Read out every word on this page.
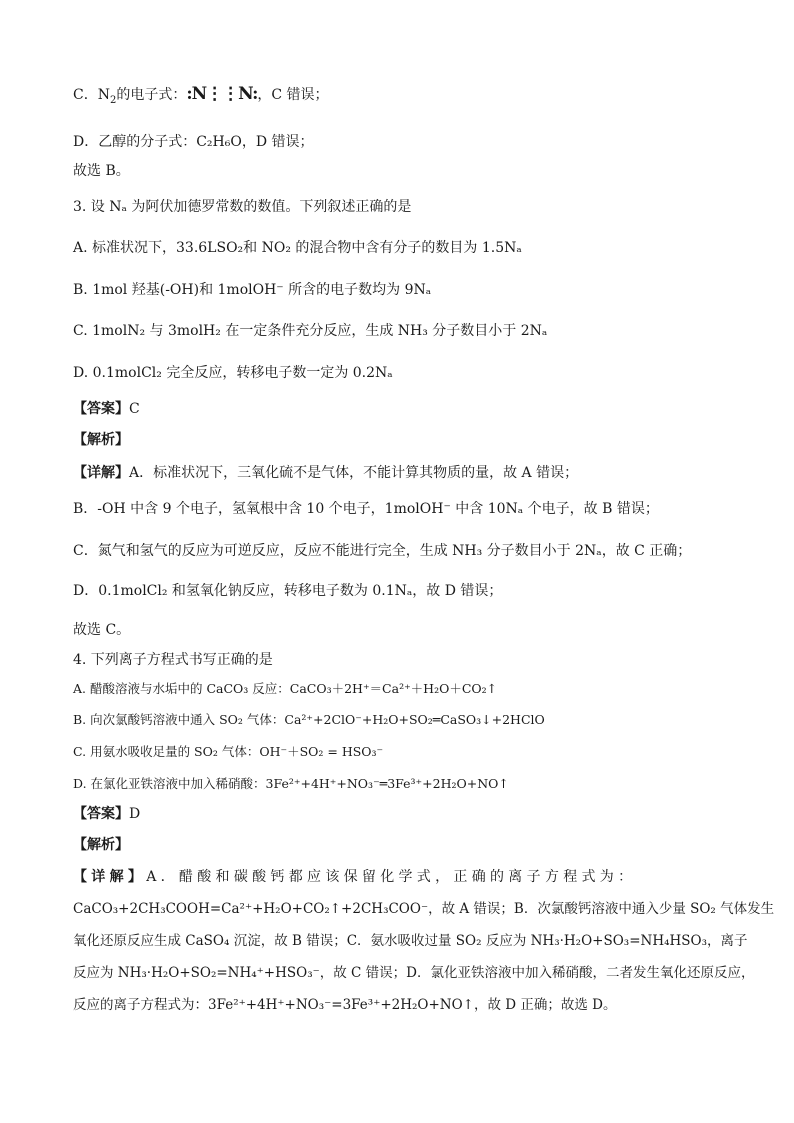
C．$N_2$的电子式：:N⋮⋮N:，C 错误；
D．乙醇的分子式：C₂H₆O，D 错误；
故选 B。
3. 设 Nₐ 为阿伏加德罗常数的数值。下列叙述正确的是
A. 标准状况下，33.6LSO₂和 NO₂ 的混合物中含有分子的数目为 1.5Nₐ
B. 1mol 羟基(-OH)和 1molOH⁻ 所含的电子数均为 9Nₐ
C. 1molN₂ 与 3molH₂ 在一定条件充分反应，生成 NH₃ 分子数目小于 2Nₐ
D. 0.1molCl₂ 完全反应，转移电子数一定为 0.2Nₐ
【答案】C
【解析】
【详解】A．标准状况下，三氧化硫不是气体，不能计算其物质的量，故 A 错误；
B．-OH 中含 9 个电子，氢氧根中含 10 个电子，1molOH⁻ 中含 10Nₐ 个电子，故 B 错误；
C．氮气和氢气的反应为可逆反应，反应不能进行完全，生成 NH₃ 分子数目小于 2Nₐ，故 C 正确；
D．0.1molCl₂ 和氢氧化钠反应，转移电子数为 0.1Nₐ，故 D 错误；
故选 C。
4. 下列离子方程式书写正确的是
A. 醋酸溶液与水垢中的 CaCO₃ 反应：CaCO₃＋2H⁺＝Ca²⁺＋H₂O＋CO₂↑
B. 向次氯酸钙溶液中通入 SO₂ 气体：Ca²⁺+2ClO⁻+H₂O+SO₂═CaSO₃↓+2HClO
C. 用氨水吸收足量的 SO₂ 气体：OH⁻＋SO₂ = HSO₃⁻
D. 在氯化亚铁溶液中加入稀硝酸：3Fe²⁺+4H⁺+NO₃⁻═3Fe³⁺+2H₂O+NO↑
【答案】D
【解析】
【详解】A．醋酸和碳酸钙都应该保留化学式，正确的离子方程式为：
CaCO₃+2CH₃COOH=Ca²⁺+H₂O+CO₂↑+2CH₃COO⁻，故 A 错误；B．次氯酸钙溶液中通入少量 SO₂ 气体发生
氧化还原反应生成 CaSO₄ 沉淀，故 B 错误；C．氨水吸收过量 SO₂ 反应为 NH₃·H₂O+SO₃=NH₄HSO₃，离子
反应为 NH₃·H₂O+SO₂=NH₄⁺+HSO₃⁻，故 C 错误；D．氯化亚铁溶液中加入稀硝酸，二者发生氧化还原反应，
反应的离子方程式为：3Fe²⁺+4H⁺+NO₃⁻=3Fe³⁺+2H₂O+NO↑，故 D 正确；故选 D。
